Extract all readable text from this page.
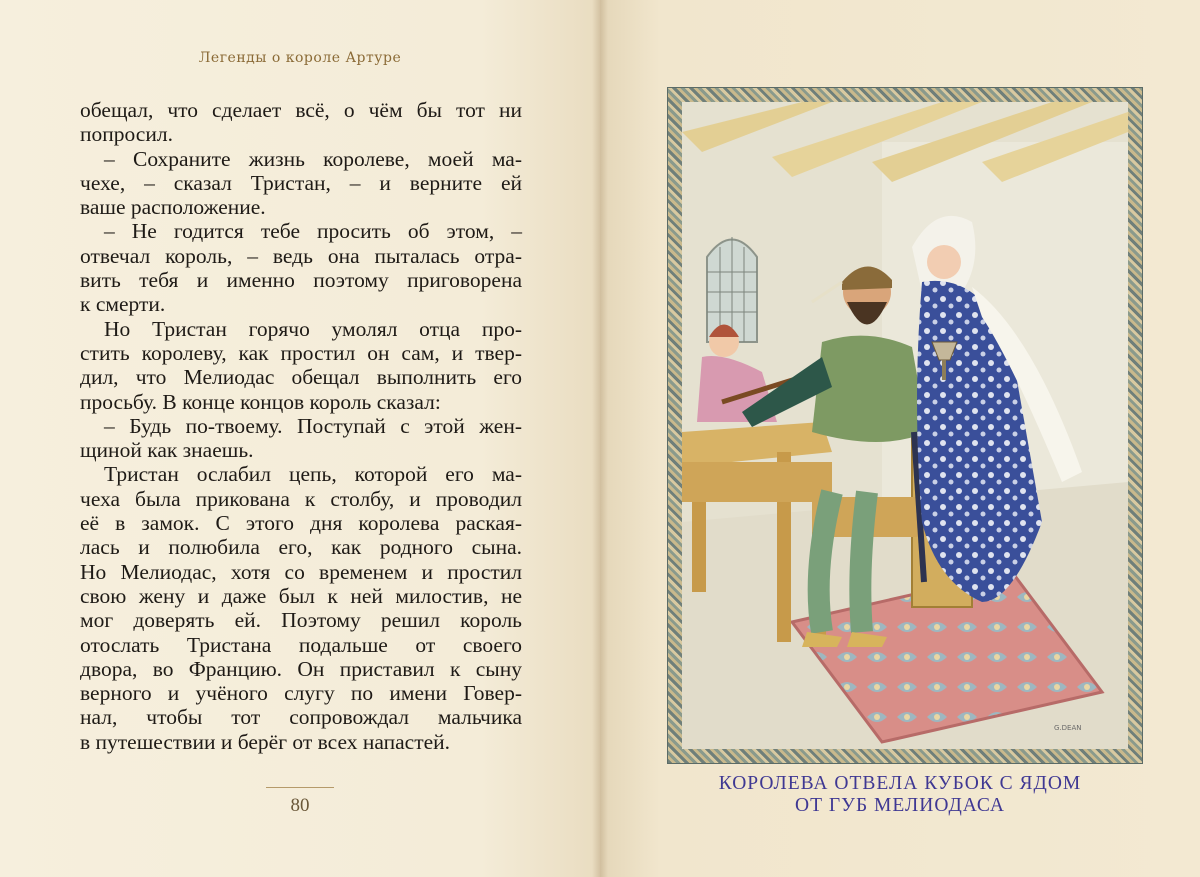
Легенды о короле Артуре
обещал, что сделает всё, о чём бы тот ни
попросил.
– Сохраните жизнь королеве, моей ма-
чехе, – сказал Тристан, – и верните ей
ваше расположение.
– Не годится тебе просить об этом, –
отвечал король, – ведь она пыталась отра-
вить тебя и именно поэтому приговорена
к смерти.
Но Тристан горячо умолял отца про-
стить королеву, как простил он сам, и твер-
дил, что Мелиодас обещал выполнить его
просьбу. В конце концов король сказал:
– Будь по-твоему. Поступай с этой жен-
щиной как знаешь.
Тристан ослабил цепь, которой его ма-
чеха была прикована к столбу, и проводил
её в замок. С этого дня королева раская-
лась и полюбила его, как родного сына.
Но Мелиодас, хотя со временем и простил
свою жену и даже был к ней милостив, не
мог доверять ей. Поэтому решил король
отослать Тристана подальше от своего
двора, во Францию. Он приставил к сыну
верного и учёного слугу по имени Говер-
нал, чтобы тот сопровождал мальчика
в путешествии и берёг от всех напастей.
80
G.DEAN
КОРОЛЕВА ОТВЕЛА КУБОК С ЯДОМ
ОТ ГУБ МЕЛИОДАСА
